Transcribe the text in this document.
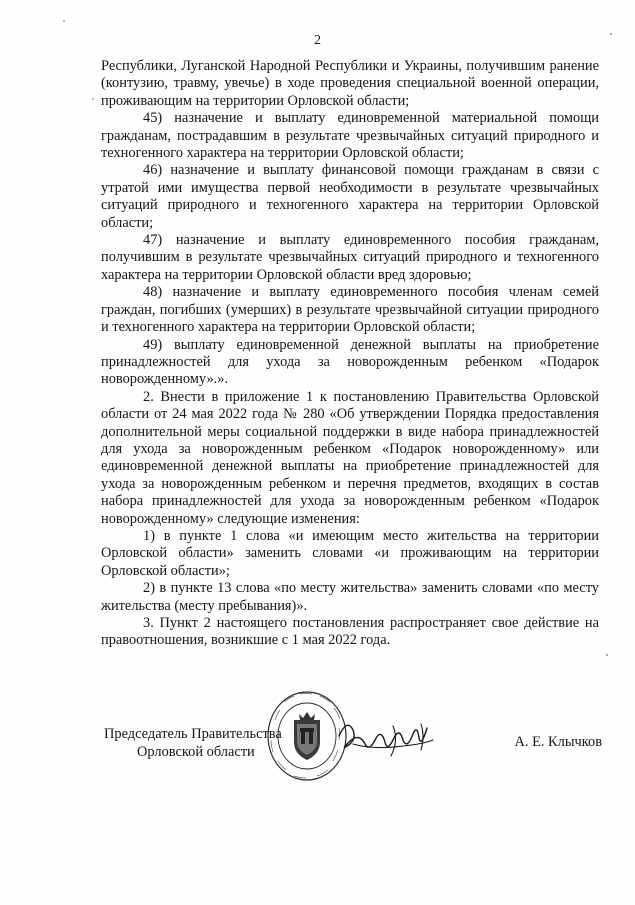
2

Республики, Луганской Народной Республики и Украины, получившим ранение (контузию, травму, увечье) в ходе проведения специальной военной операции, проживающим на территории Орловской области;

45) назначение и выплату единовременной материальной помощи гражданам, пострадавшим в результате чрезвычайных ситуаций природного и техногенного характера на территории Орловской области;

46) назначение и выплату финансовой помощи гражданам в связи с утратой ими имущества первой необходимости в результате чрезвычайных ситуаций природного и техногенного характера на территории Орловской области;

47) назначение и выплату единовременного пособия гражданам, получившим в результате чрезвычайных ситуаций природного и техногенного характера на территории Орловской области вред здоровью;

48) назначение и выплату единовременного пособия членам семей граждан, погибших (умерших) в результате чрезвычайной ситуации природного и техногенного характера на территории Орловской области;

49) выплату единовременной денежной выплаты на приобретение принадлежностей для ухода за новорожденным ребенком «Подарок новорожденному».».

2. Внести в приложение 1 к постановлению Правительства Орловской области от 24 мая 2022 года № 280 «Об утверждении Порядка предоставления дополнительной меры социальной поддержки в виде набора принадлежностей для ухода за новорожденным ребенком «Подарок новорожденному» или единовременной денежной выплаты на приобретение принадлежностей для ухода за новорожденным ребенком и перечня предметов, входящих в состав набора принадлежностей для ухода за новорожденным ребенком «Подарок новорожденному» следующие изменения:

1) в пункте 1 слова «и имеющим место жительства на территории Орловской области» заменить словами «и проживающим на территории Орловской области»;

2) в пункте 13 слова «по месту жительства» заменить словами «по месту жительства (месту пребывания)».

3. Пункт 2 настоящего постановления распространяет свое действие на правоотношения, возникшие с 1 мая 2022 года.

Председатель Правительства
Орловской области
А. Е. Клычков
